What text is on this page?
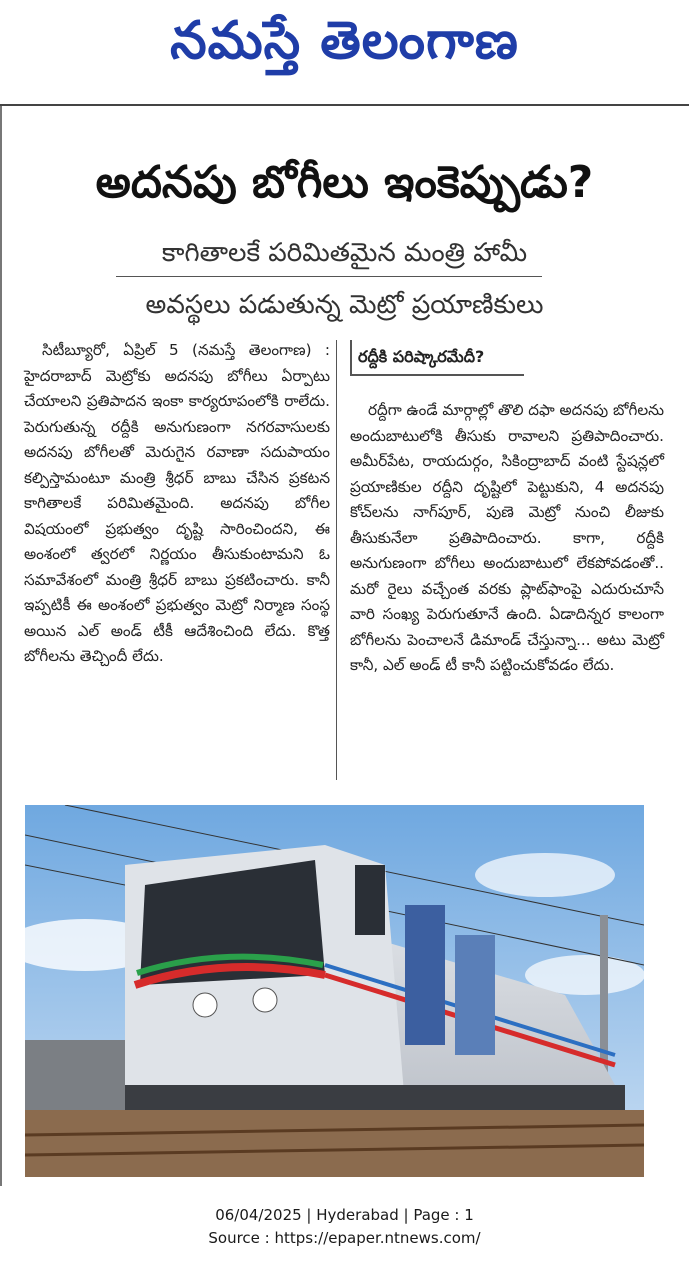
నమస్తే తెలంగాణ
అదనపు బోగీలు ఇంకెప్పుడు?
కాగితాలకే పరిమితమైన మంత్రి హామీ
అవస్థలు పడుతున్న మెట్రో ప్రయాణికులు
సిటీబ్యూరో, ఏప్రిల్ 5 (నమస్తే తెలంగాణ) : హైదరాబాద్ మెట్రోకు అదనపు బోగీలు ఏర్పాటు చేయాలని ప్రతిపాదన ఇంకా కార్యరూపంలోకి రాలేదు. పెరుగుతున్న రద్దీకి అనుగుణంగా నగరవాసులకు అదనపు బోగీలతో మెరుగైన రవాణా సదుపాయం కల్పిస్తామంటూ మంత్రి శ్రీధర్ బాబు చేసిన ప్రకటన కాగితాలకే పరిమితమైంది. అదనపు బోగీల విషయంలో ప్రభుత్వం దృష్టి సారించిందని, ఈ అంశంలో త్వరలో నిర్ణయం తీసుకుంటామని ఓ సమావేశంలో మంత్రి శ్రీధర్ బాబు ప్రకటించారు. కానీ ఇప్పటికీ ఈ అంశంలో ప్రభుత్వం మెట్రో నిర్మాణ సంస్థ అయిన ఎల్ అండ్ టీకీ ఆదేశించింది లేదు. కొత్త బోగీలను తెచ్చిందీ లేదు.
రద్దీకి పరిష్కారమేదీ?
రద్దీగా ఉండే మార్గాల్లో తొలి దఫా అదనపు బోగీలను అందుబాటులోకి తీసుకు రావాలని ప్రతిపాదించారు. అమీర్‌పేట, రాయదుర్గం, సికింద్రాబాద్ వంటి స్టేషన్లలో ప్రయాణికుల రద్దీని దృష్టిలో పెట్టుకుని, 4 అదనపు కోచ్‌లను నాగ్‌పూర్, పుణె మెట్రో నుంచి లీజుకు తీసుకునేలా ప్రతిపాదించారు. కాగా, రద్దీకి అనుగుణంగా బోగీలు అందుబాటులో లేకపోవడంతో.. మరో రైలు వచ్చేంత వరకు ప్లాట్‌ఫాంపై ఎదురుచూసే వారి సంఖ్య పెరుగుతూనే ఉంది. ఏడాదిన్నర కాలంగా బోగీలను పెంచాలనే డిమాండ్ చేస్తున్నా... అటు మెట్రో కానీ, ఎల్ అండ్ టీ కానీ పట్టించుకోవడం లేదు.
06/04/2025 | Hyderabad | Page : 1
Source : https://epaper.ntnews.com/
